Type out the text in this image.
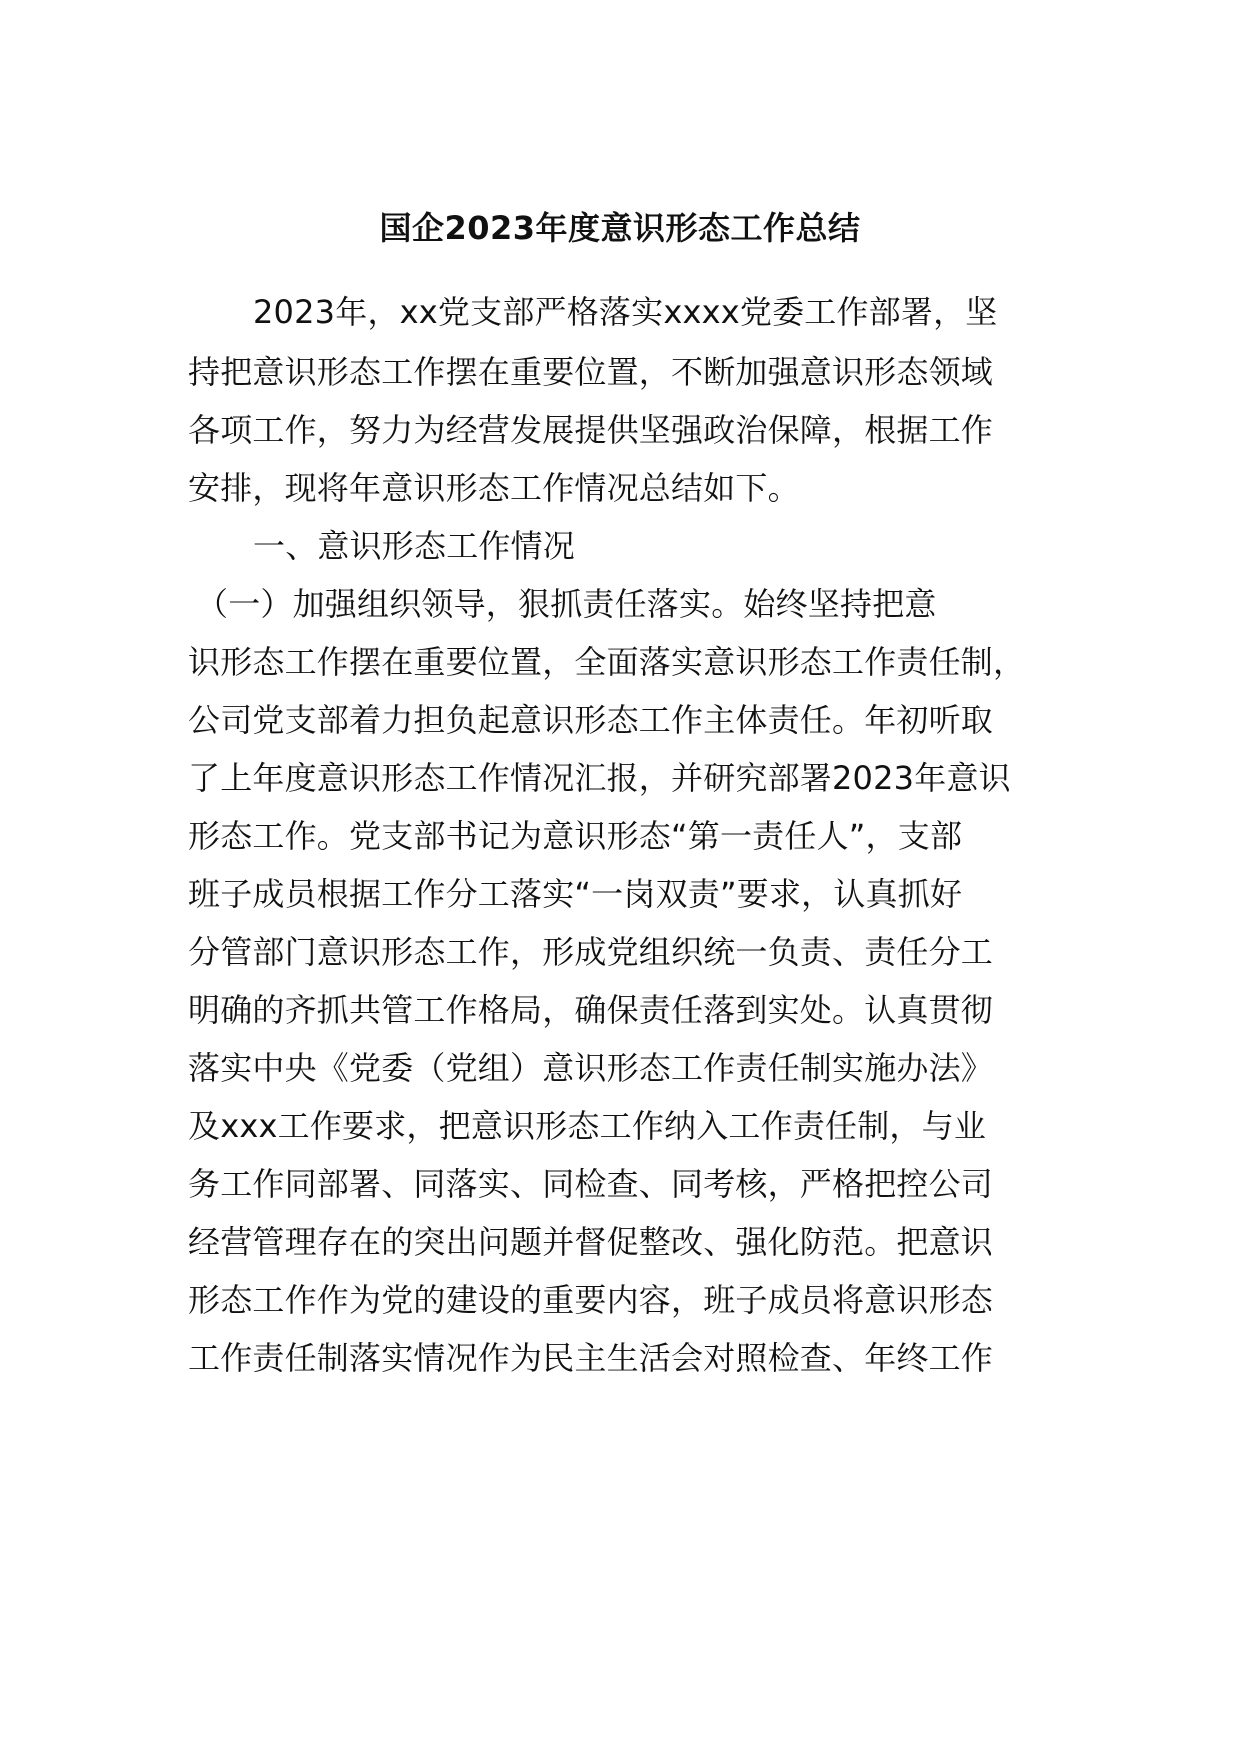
国企2023年度意识形态工作总结
2023年，xx党支部严格落实xxxx党委工作部署，坚
持把意识形态工作摆在重要位置，不断加强意识形态领域
各项工作，努力为经营发展提供坚强政治保障，根据工作
安排，现将年意识形态工作情况总结如下。
一、意识形态工作情况
（一）加强组织领导，狠抓责任落实。始终坚持把意
识形态工作摆在重要位置，全面落实意识形态工作责任制，
公司党支部着力担负起意识形态工作主体责任。年初听取
了上年度意识形态工作情况汇报，并研究部署2023年意识
形态工作。党支部书记为意识形态“第一责任人”，支部
班子成员根据工作分工落实“一岗双责”要求，认真抓好
分管部门意识形态工作，形成党组织统一负责、责任分工
明确的齐抓共管工作格局，确保责任落到实处。认真贯彻
落实中央《党委（党组）意识形态工作责任制实施办法》
及xxx工作要求，把意识形态工作纳入工作责任制，与业
务工作同部署、同落实、同检查、同考核，严格把控公司
经营管理存在的突出问题并督促整改、强化防范。把意识
形态工作作为党的建设的重要内容，班子成员将意识形态
工作责任制落实情况作为民主生活会对照检查、年终工作
